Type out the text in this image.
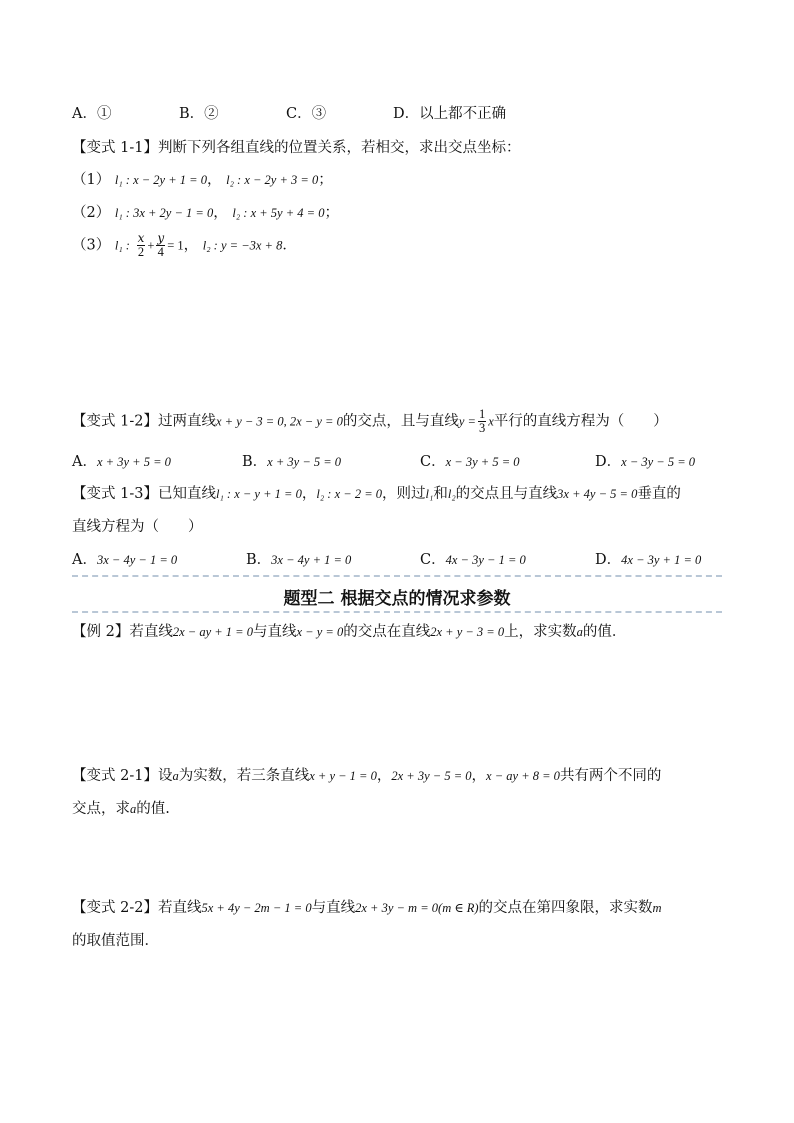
A．①	B．②	C．③	D．以上都不正确
【变式 1-1】判断下列各组直线的位置关系，若相交，求出交点坐标：
（1） l₁ : x − 2y + 1 = 0， l₂ : x − 2y + 3 = 0；
（2） l₁ : 3x + 2y − 1 = 0， l₂ : x + 5y + 4 = 0；
（3） l₁ : $\frac{x}{2} + \frac{y}{4} = 1$， l₂ : y = −3x + 8．
【变式 1-2】过两直线x + y − 3 = 0, 2x − y = 0的交点，且与直线$y = \frac{1}{3}$ x平行的直线方程为（　　）
A．x + 3y + 5 = 0	B．x + 3y − 5 = 0	C．x − 3y + 5 = 0	D．x − 3y − 5 = 0
【变式 1-3】已知直线l₁ : x − y + 1 = 0，l₂ : x − 2 = 0，则过l₁和l₂的交点且与直线3x + 4y − 5 = 0垂直的
直线方程为（　　）
A．3x − 4y − 1 = 0	B．3x − 4y + 1 = 0	C．4x − 3y − 1 = 0	D．4x − 3y + 1 = 0
题型二 根据交点的情况求参数
【例 2】若直线2x − ay + 1 = 0与直线x − y = 0的交点在直线2x + y − 3 = 0上，求实数a的值．
【变式 2-1】设a为实数，若三条直线x + y − 1 = 0，2x + 3y − 5 = 0，x − ay + 8 = 0共有两个不同的
交点，求a的值.
【变式 2-2】若直线5x + 4y − 2m − 1 = 0与直线2x + 3y − m = 0(m ∈ R)的交点在第四象限，求实数m
的取值范围．
